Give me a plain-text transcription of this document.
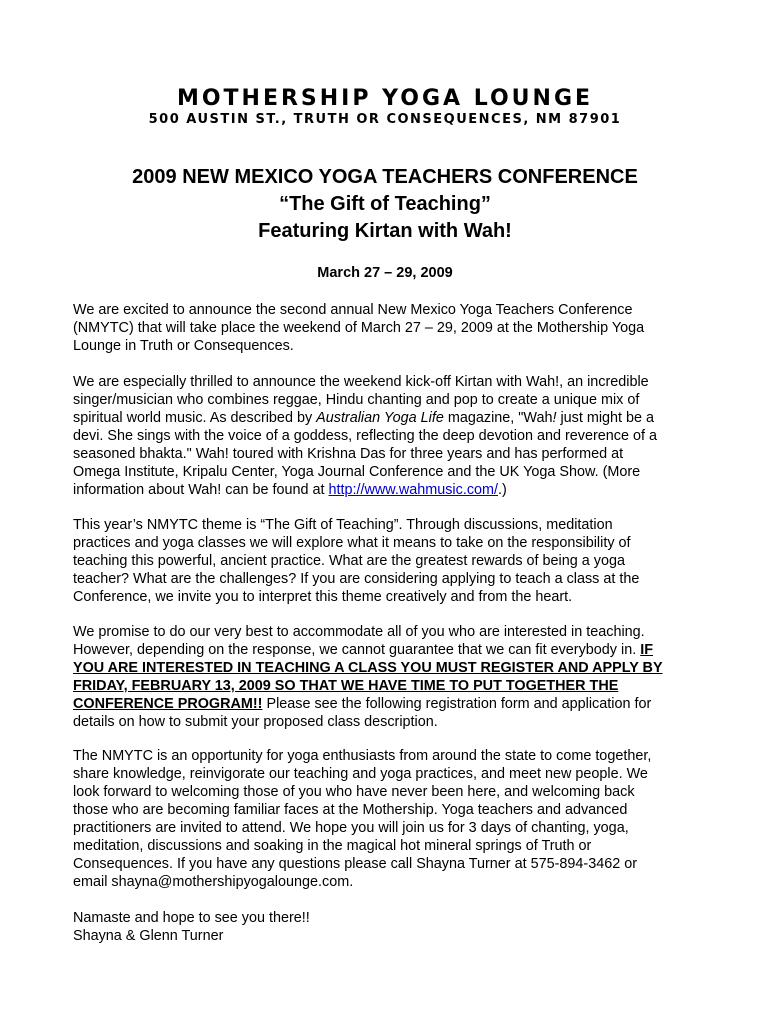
MOTHERSHIP YOGA LOUNGE
500 AUSTIN ST., TRUTH OR CONSEQUENCES, NM 87901
2009 NEW MEXICO YOGA TEACHERS CONFERENCE
“The Gift of Teaching”
Featuring Kirtan with Wah!
March 27 – 29, 2009
We are excited to announce the second annual New Mexico Yoga Teachers Conference
(NMYTC) that will take place the weekend of March 27 – 29, 2009 at the Mothership Yoga
Lounge in Truth or Consequences.
We are especially thrilled to announce the weekend kick-off Kirtan with Wah!, an incredible
singer/musician who combines reggae, Hindu chanting and pop to create a unique mix of
spiritual world music. As described by Australian Yoga Life magazine, "Wah! just might be a
devi. She sings with the voice of a goddess, reflecting the deep devotion and reverence of a
seasoned bhakta." Wah! toured with Krishna Das for three years and has performed at
Omega Institute, Kripalu Center, Yoga Journal Conference and the UK Yoga Show. (More
information about Wah! can be found at http://www.wahmusic.com/.)
This year’s NMYTC theme is “The Gift of Teaching”. Through discussions, meditation
practices and yoga classes we will explore what it means to take on the responsibility of
teaching this powerful, ancient practice. What are the greatest rewards of being a yoga
teacher? What are the challenges? If you are considering applying to teach a class at the
Conference, we invite you to interpret this theme creatively and from the heart.
We promise to do our very best to accommodate all of you who are interested in teaching.
However, depending on the response, we cannot guarantee that we can fit everybody in. IF
YOU ARE INTERESTED IN TEACHING A CLASS YOU MUST REGISTER AND APPLY BY
FRIDAY, FEBRUARY 13, 2009 SO THAT WE HAVE TIME TO PUT TOGETHER THE
CONFERENCE PROGRAM!! Please see the following registration form and application for
details on how to submit your proposed class description.
The NMYTC is an opportunity for yoga enthusiasts from around the state to come together,
share knowledge, reinvigorate our teaching and yoga practices, and meet new people. We
look forward to welcoming those of you who have never been here, and welcoming back
those who are becoming familiar faces at the Mothership. Yoga teachers and advanced
practitioners are invited to attend. We hope you will join us for 3 days of chanting, yoga,
meditation, discussions and soaking in the magical hot mineral springs of Truth or
Consequences. If you have any questions please call Shayna Turner at 575-894-3462 or
email shayna@mothershipyogalounge.com.
Namaste and hope to see you there!!
Shayna & Glenn Turner
